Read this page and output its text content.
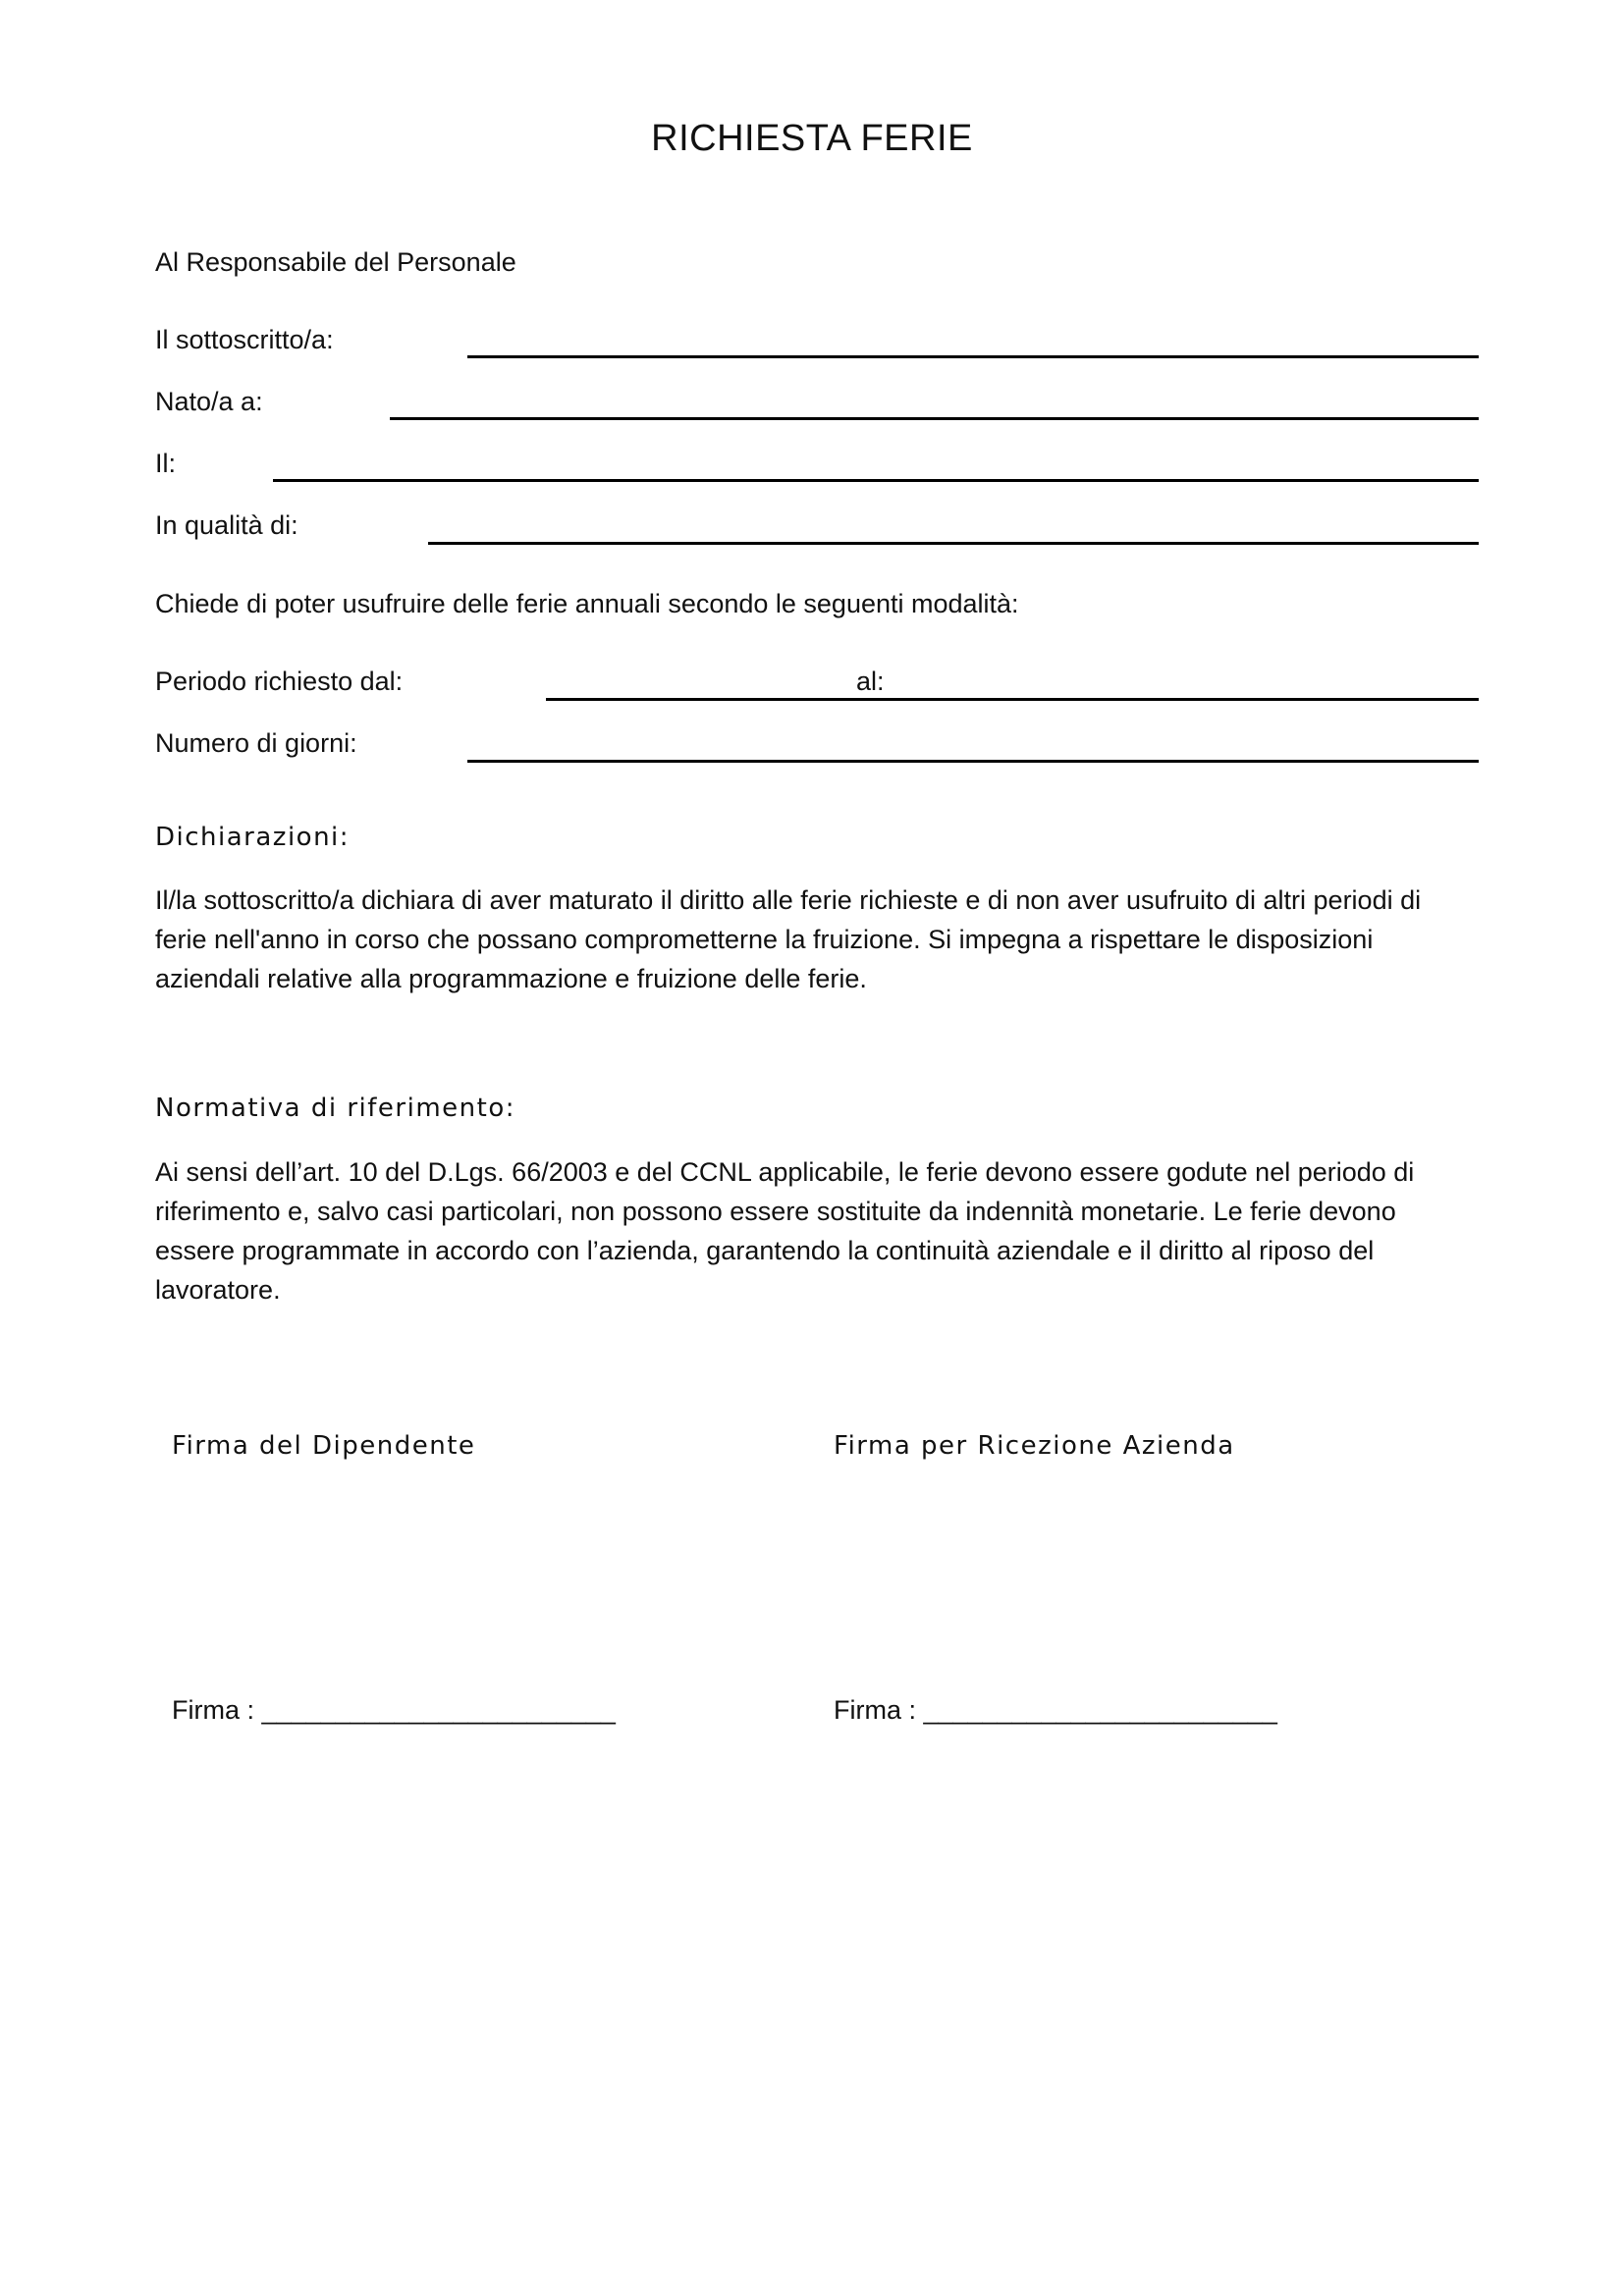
RICHIESTA FERIE
Al Responsabile del Personale
Il sottoscritto/a:
Nato/a a:
Il:
In qualità di:
Chiede di poter usufruire delle ferie annuali secondo le seguenti modalità:
Periodo richiesto dal:	al:
Numero di giorni:
Dichiarazioni:
Il/la sottoscritto/a dichiara di aver maturato il diritto alle ferie richieste e di non aver usufruito di altri periodi di
ferie nell'anno in corso che possano comprometterne la fruizione. Si impegna a rispettare le disposizioni
aziendali relative alla programmazione e fruizione delle ferie.
Normativa di riferimento:
Ai sensi dell’art. 10 del D.Lgs. 66/2003 e del CCNL applicabile, le ferie devono essere godute nel periodo di
riferimento e, salvo casi particolari, non possono essere sostituite da indennità monetarie. Le ferie devono
essere programmate in accordo con l’azienda, garantendo la continuità aziendale e il diritto al riposo del
lavoratore.
Firma del Dipendente	Firma per Ricezione Azienda
Firma : ________________________	Firma : ________________________
